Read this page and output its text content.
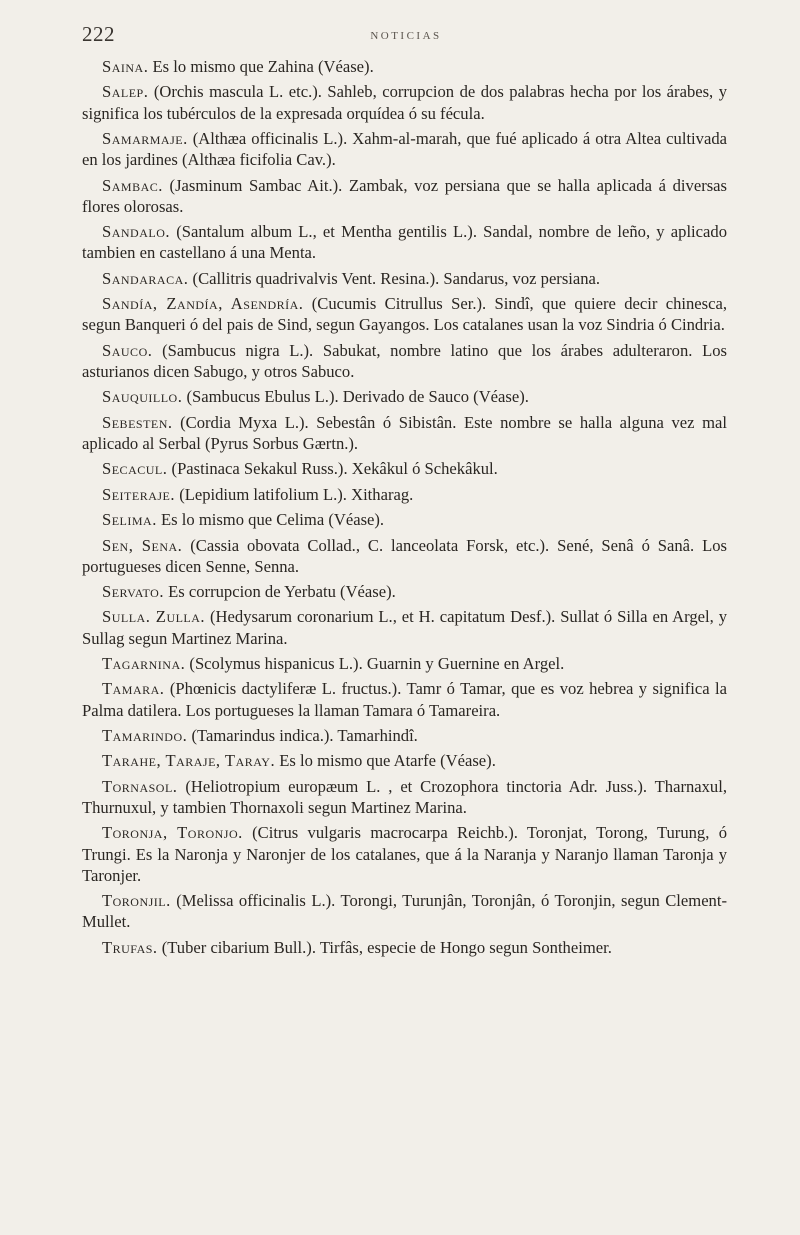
222	NOTICIAS

Saina. Es lo mismo que Zahina (Véase).

Salep. (Orchis mascula L. etc.). Sahleb, corrupcion de dos palabras hecha por los árabes, y significa los tubérculos de la expresada orquídea ó su fécula.

Samarmaje. (Althæa officinalis L.). Xahm-al-marah, que fué aplicado á otra Altea cultivada en los jardines (Althæa ficifolia Cav.).

Sambac. (Jasminum Sambac Ait.). Zambak, voz persiana que se halla aplicada á diversas flores olorosas.

Sandalo. (Santalum album L., et Mentha gentilis L.). Sandal, nombre de leño, y aplicado tambien en castellano á una Menta.

Sandaraca. (Callitris quadrivalvis Vent. Resina.). Sandarus, voz persiana.

Sandía, Zandía, Asendría. (Cucumis Citrullus Ser.). Sindî, que quiere decir chinesca, segun Banqueri ó del pais de Sind, segun Gayangos. Los catalanes usan la voz Sindria ó Cindria.

Sauco. (Sambucus nigra L.). Sabukat, nombre latino que los árabes adulteraron. Los asturianos dicen Sabugo, y otros Sabuco.

Sauquillo. (Sambucus Ebulus L.). Derivado de Sauco (Véase).

Sebesten. (Cordia Myxa L.). Sebestân ó Sibistân. Este nombre se halla alguna vez mal aplicado al Serbal (Pyrus Sorbus Gærtn.).

Secacul. (Pastinaca Sekakul Russ.). Xekâkul ó Schekâkul.

Seiteraje. (Lepidium latifolium L.). Xitharag.

Selima. Es lo mismo que Celima (Véase).

Sen, Sena. (Cassia obovata Collad., C. lanceolata Forsk, etc.). Sené, Senâ ó Sanâ. Los portugueses dicen Senne, Senna.

Servato. Es corrupcion de Yerbatu (Véase).

Sulla. Zulla. (Hedysarum coronarium L., et H. capitatum Desf.). Sullat ó Silla en Argel, y Sullag segun Martinez Marina.

Tagarnina. (Scolymus hispanicus L.). Guarnin y Guernine en Argel.

Tamara. (Phœnicis dactyliferæ L. fructus.). Tamr ó Tamar, que es voz hebrea y significa la Palma datilera. Los portugueses la llaman Tamara ó Tamareira.

Tamarindo. (Tamarindus indica.). Tamarhindî.

Tarahe, Taraje, Taray. Es lo mismo que Atarfe (Véase).

Tornasol. (Heliotropium europæum L. , et Crozophora tinctoria Adr. Juss.). Tharnaxul, Thurnuxul, y tambien Thornaxoli segun Martinez Marina.

Toronja, Toronjo. (Citrus vulgaris macrocarpa Reichb.). Toronjat, Torong, Turung, ó Trungi. Es la Naronja y Naronjer de los catalanes, que á la Naranja y Naranjo llaman Taronja y Taronjer.

Toronjil. (Melissa officinalis L.). Torongi, Turunjân, Toronjân, ó Toronjin, segun Clement-Mullet.

Trufas. (Tuber cibarium Bull.). Tirfâs, especie de Hongo segun Sontheimer.
